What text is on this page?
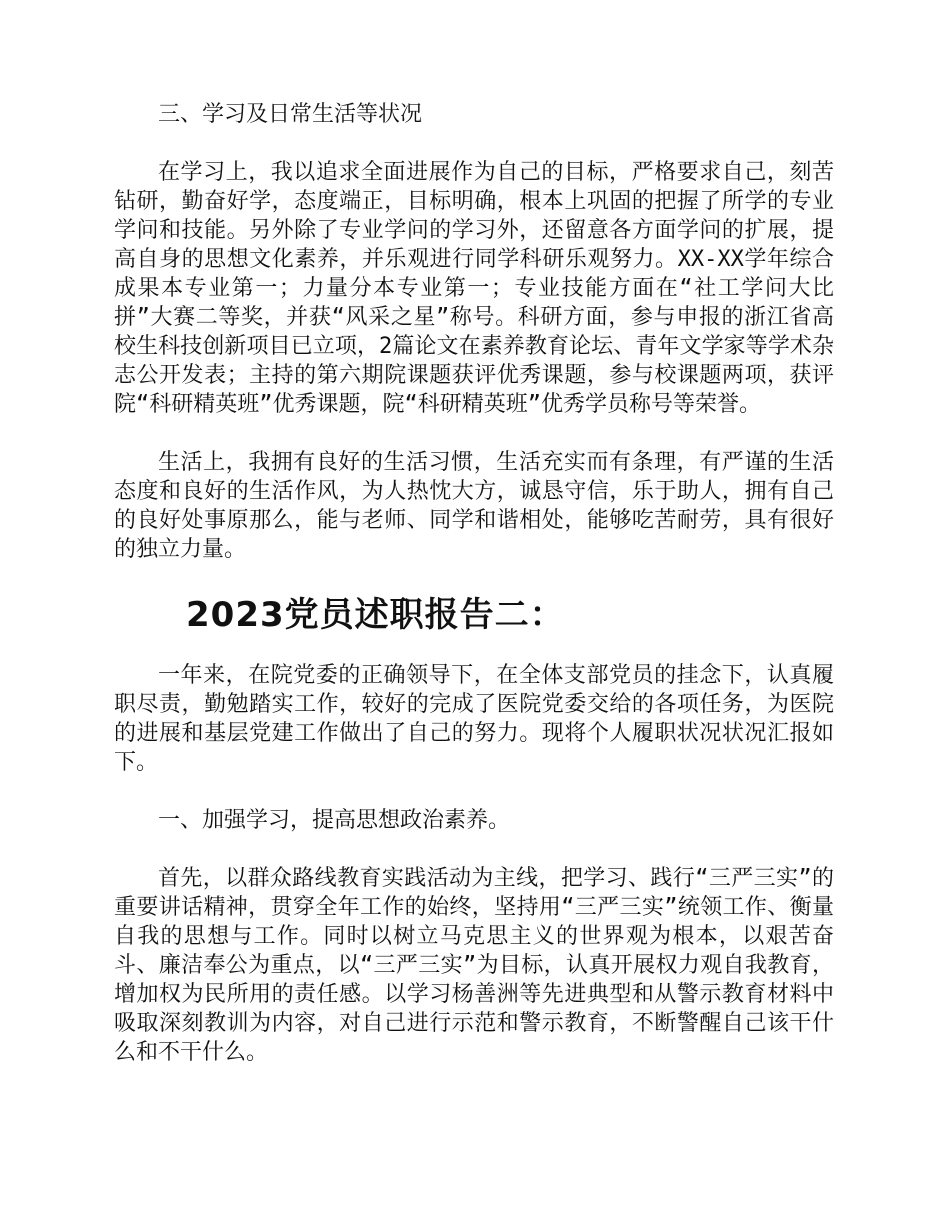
三、学习及日常生活等状况

在学习上，我以追求全面进展作为自己的目标，严格要求自己，刻苦钻研，勤奋好学，态度端正，目标明确，根本上巩固的把握了所学的专业学问和技能。另外除了专业学问的学习外，还留意各方面学问的扩展，提高自身的思想文化素养，并乐观进行同学科研乐观努力。XX-XX学年综合成果本专业第一；力量分本专业第一；专业技能方面在“社工学问大比拼”大赛二等奖，并获“风采之星”称号。科研方面，参与申报的浙江省高校生科技创新项目已立项，2篇论文在素养教育论坛、青年文学家等学术杂志公开发表；主持的第六期院课题获评优秀课题，参与校课题两项，获评院“科研精英班”优秀课题，院“科研精英班”优秀学员称号等荣誉。

生活上，我拥有良好的生活习惯，生活充实而有条理，有严谨的生活态度和良好的生活作风，为人热忱大方，诚恳守信，乐于助人，拥有自己的良好处事原那么，能与老师、同学和谐相处，能够吃苦耐劳，具有很好的独立力量。

2023党员述职报告二：

一年来，在院党委的正确领导下，在全体支部党员的挂念下，认真履职尽责，勤勉踏实工作，较好的完成了医院党委交给的各项任务，为医院的进展和基层党建工作做出了自己的努力。现将个人履职状况状况汇报如下。

一、加强学习，提高思想政治素养。

首先，以群众路线教育实践活动为主线，把学习、践行“三严三实”的重要讲话精神，贯穿全年工作的始终，坚持用“三严三实”统领工作、衡量自我的思想与工作。同时以树立马克思主义的世界观为根本，以艰苦奋斗、廉洁奉公为重点，以“三严三实”为目标，认真开展权力观自我教育，增加权为民所用的责任感。以学习杨善洲等先进典型和从警示教育材料中吸取深刻教训为内容，对自己进行示范和警示教育，不断警醒自己该干什么和不干什么。
